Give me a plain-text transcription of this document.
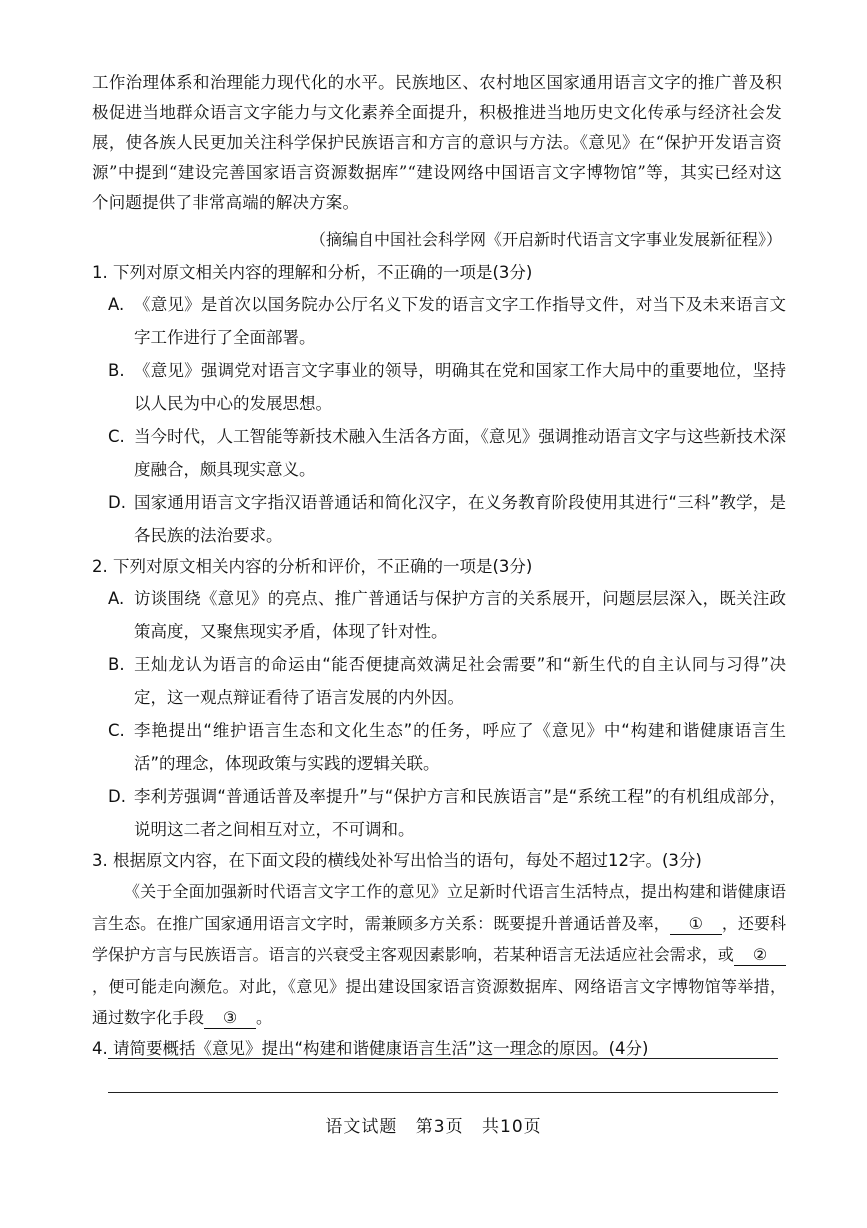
工作治理体系和治理能力现代化的水平。民族地区、农村地区国家通用语言文字的推广普及积极促进当地群众语言文字能力与文化素养全面提升，积极推进当地历史文化传承与经济社会发展，使各族人民更加关注科学保护民族语言和方言的意识与方法。《意见》在“保护开发语言资源”中提到“建设完善国家语言资源数据库”“建设网络中国语言文字博物馆”等，其实已经对这个问题提供了非常高端的解决方案。
（摘编自中国社会科学网《开启新时代语言文字事业发展新征程》）
1. 下列对原文相关内容的理解和分析，不正确的一项是(3分)
A. 《意见》是首次以国务院办公厅名义下发的语言文字工作指导文件，对当下及未来语言文字工作进行了全面部署。
B. 《意见》强调党对语言文字事业的领导，明确其在党和国家工作大局中的重要地位，坚持以人民为中心的发展思想。
C. 当今时代，人工智能等新技术融入生活各方面，《意见》强调推动语言文字与这些新技术深度融合，颇具现实意义。
D. 国家通用语言文字指汉语普通话和简化汉字，在义务教育阶段使用其进行“三科”教学，是各民族的法治要求。
2. 下列对原文相关内容的分析和评价，不正确的一项是(3分)
A. 访谈围绕《意见》的亮点、推广普通话与保护方言的关系展开，问题层层深入，既关注政策高度，又聚焦现实矛盾，体现了针对性。
B. 王灿龙认为语言的命运由“能否便捷高效满足社会需要”和“新生代的自主认同与习得”决定，这一观点辩证看待了语言发展的内外因。
C. 李艳提出“维护语言生态和文化生态”的任务，呼应了《意见》中“构建和谐健康语言生活”的理念，体现政策与实践的逻辑关联。
D. 李利芳强调“普通话普及率提升”与“保护方言和民族语言”是“系统工程”的有机组成部分，说明这二者之间相互对立，不可调和。
3. 根据原文内容，在下面文段的横线处补写出恰当的语句，每处不超过12字。(3分)
《关于全面加强新时代语言文字工作的意见》立足新时代语言生活特点，提出构建和谐健康语言生态。在推广国家通用语言文字时，需兼顾多方关系：既要提升普通话普及率， ① ，还要科学保护方言与民族语言。语言的兴衰受主客观因素影响，若某种语言无法适应社会需求，或 ②，便可能走向濒危。对此，《意见》提出建设国家语言资源数据库、网络语言文字博物馆等举措，通过数字化手段 ③ 。
4. 请简要概括《意见》提出“构建和谐健康语言生活”这一理念的原因。(4分)
语文试题 第3页 共10页
